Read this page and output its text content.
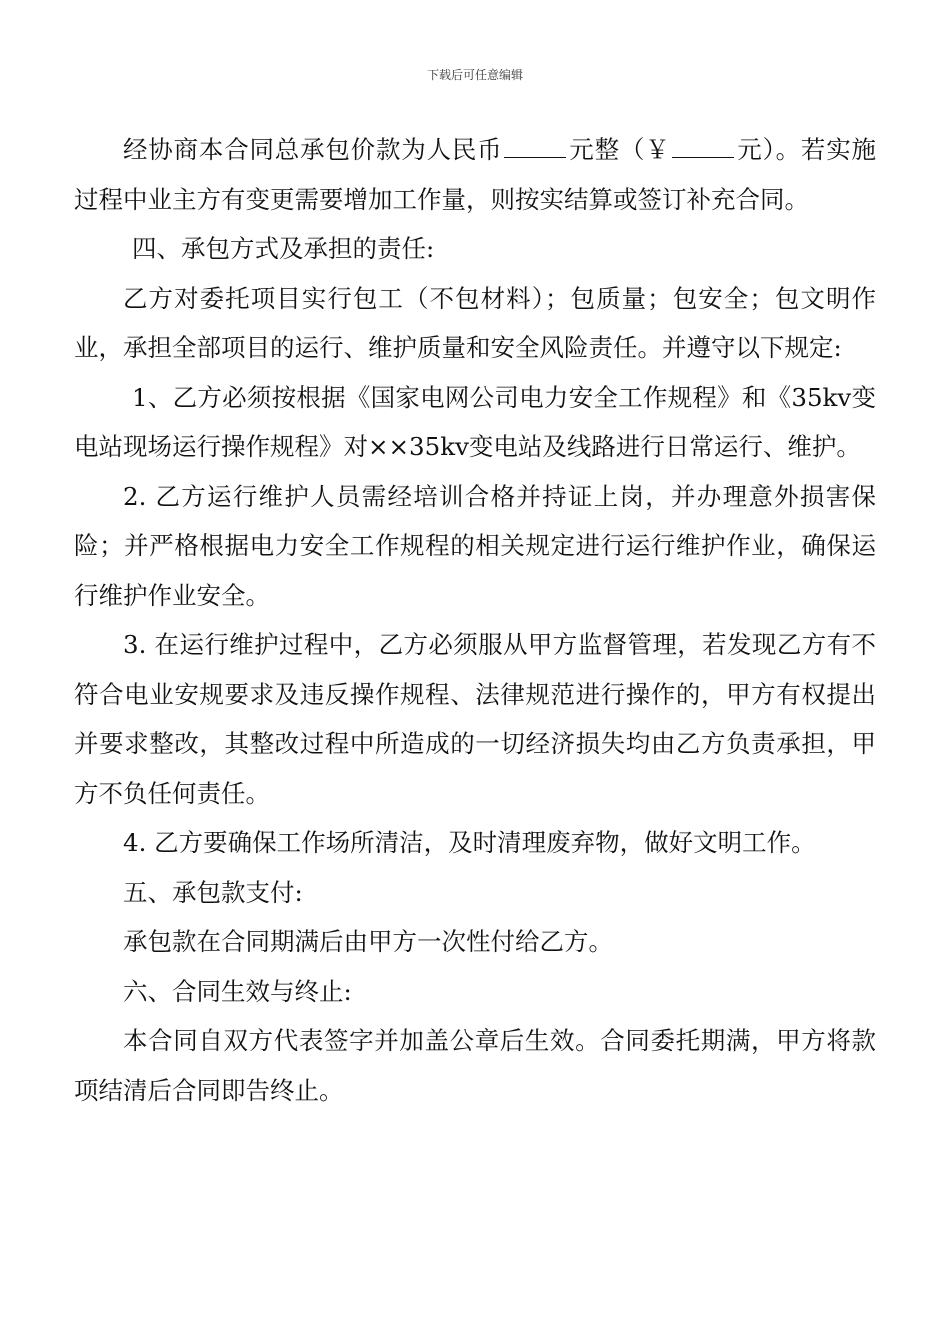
下载后可任意编辑

经协商本合同总承包价款为人民币	元整（￥	元）。若实施过程中业主方有变更需要增加工作量，则按实结算或签订补充合同。

四、承包方式及承担的责任:

乙方对委托项目实行包工（不包材料）；包质量；包安全；包文明作业，承担全部项目的运行、维护质量和安全风险责任。并遵守以下规定:

1、乙方必须按根据《国家电网公司电力安全工作规程》和《35kv变电站现场运行操作规程》对××35kv变电站及线路进行日常运行、维护。

2. 乙方运行维护人员需经培训合格并持证上岗，并办理意外损害保险；并严格根据电力安全工作规程的相关规定进行运行维护作业，确保运行维护作业安全。

3. 在运行维护过程中，乙方必须服从甲方监督管理，若发现乙方有不符合电业安规要求及违反操作规程、法律规范进行操作的，甲方有权提出并要求整改，其整改过程中所造成的一切经济损失均由乙方负责承担，甲方不负任何责任。

4. 乙方要确保工作场所清洁，及时清理废弃物，做好文明工作。

五、承包款支付:

承包款在合同期满后由甲方一次性付给乙方。

六、合同生效与终止:

本合同自双方代表签字并加盖公章后生效。合同委托期满，甲方将款项结清后合同即告终止。
